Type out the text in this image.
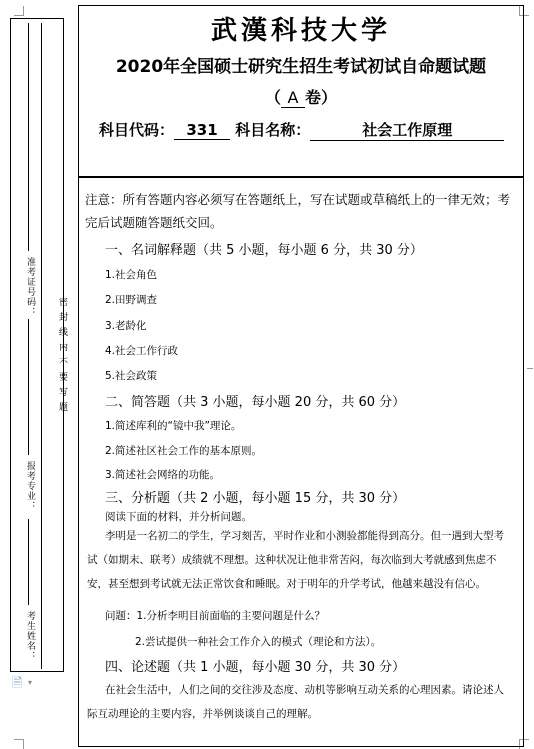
准考证号码：
报考专业：
考生姓名：
密封线内不要写题
🗎 ▾
武漢科技大学
2020年全国硕士研究生招生考试初试自命题试题
（ A 卷）
科目代码： 331 科目名称：	社会工作原理
注意：所有答题内容必须写在答题纸上，写在试题或草稿纸上的一律无效；考完后试题随答题纸交回。
一、名词解释题（共 5 小题，每小题 6 分，共 30 分）
1.社会角色
2.田野调查
3.老龄化
4.社会工作行政
5.社会政策
二、简答题（共 3 小题，每小题 20 分，共 60 分）
1.简述库利的“镜中我”理论。
2.简述社区社会工作的基本原则。
3.简述社会网络的功能。
三、分析题（共 2 小题，每小题 15 分，共 30 分）
阅读下面的材料，并分析问题。
李明是一名初二的学生，学习刻苦，平时作业和小测验都能得到高分。但一遇到大型考试（如期末、联考）成绩就不理想。这种状况让他非常苦闷，每次临到大考就感到焦虑不安，甚至想到考试就无法正常饮食和睡眠。对于明年的升学考试，他越来越没有信心。
问题：1.分析李明目前面临的主要问题是什么？
2.尝试提供一种社会工作介入的模式（理论和方法）。
四、论述题（共 1 小题，每小题 30 分，共 30 分）
在社会生活中，人们之间的交往涉及态度、动机等影响互动关系的心理因素。请论述人际互动理论的主要内容，并举例谈谈自己的理解。
